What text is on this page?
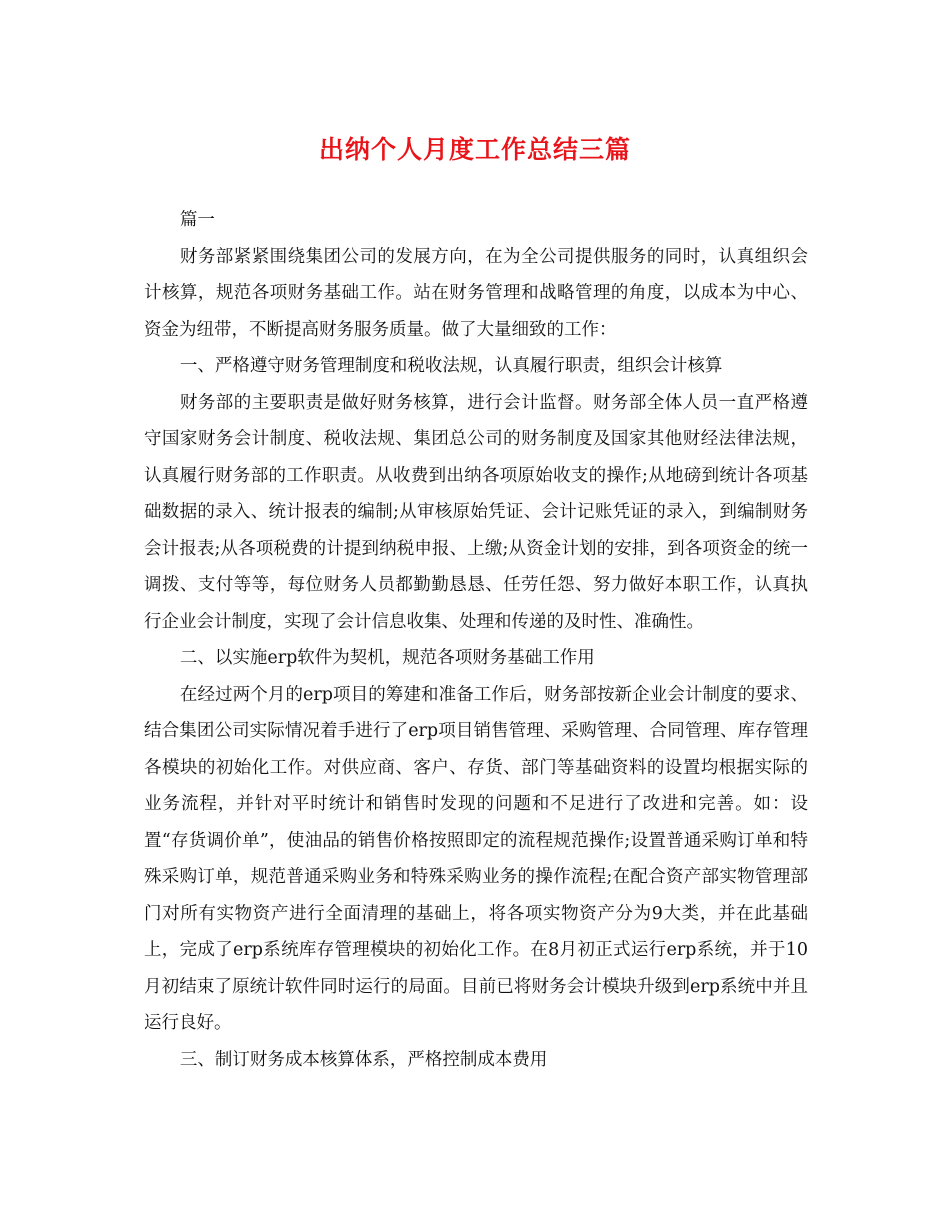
出纳个人月度工作总结三篇

篇一

财务部紧紧围绕集团公司的发展方向，在为全公司提供服务的同时，认真组织会计核算，规范各项财务基础工作。站在财务管理和战略管理的角度，以成本为中心、资金为纽带，不断提高财务服务质量。做了大量细致的工作：

一、严格遵守财务管理制度和税收法规，认真履行职责，组织会计核算

财务部的主要职责是做好财务核算，进行会计监督。财务部全体人员一直严格遵守国家财务会计制度、税收法规、集团总公司的财务制度及国家其他财经法律法规，认真履行财务部的工作职责。从收费到出纳各项原始收支的操作;从地磅到统计各项基础数据的录入、统计报表的编制;从审核原始凭证、会计记账凭证的录入，到编制财务会计报表;从各项税费的计提到纳税申报、上缴;从资金计划的安排，到各项资金的统一调拨、支付等等，每位财务人员都勤勤恳恳、任劳任怨、努力做好本职工作，认真执行企业会计制度，实现了会计信息收集、处理和传递的及时性、准确性。

二、以实施erp软件为契机，规范各项财务基础工作用

在经过两个月的erp项目的筹建和准备工作后，财务部按新企业会计制度的要求、结合集团公司实际情况着手进行了erp项目销售管理、采购管理、合同管理、库存管理各模块的初始化工作。对供应商、客户、存货、部门等基础资料的设置均根据实际的业务流程，并针对平时统计和销售时发现的问题和不足进行了改进和完善。如：设置“存货调价单”，使油品的销售价格按照即定的流程规范操作;设置普通采购订单和特殊采购订单，规范普通采购业务和特殊采购业务的操作流程;在配合资产部实物管理部门对所有实物资产进行全面清理的基础上，将各项实物资产分为9大类，并在此基础上，完成了erp系统库存管理模块的初始化工作。在8月初正式运行erp系统，并于10月初结束了原统计软件同时运行的局面。目前已将财务会计模块升级到erp系统中并且运行良好。

三、制订财务成本核算体系，严格控制成本费用
